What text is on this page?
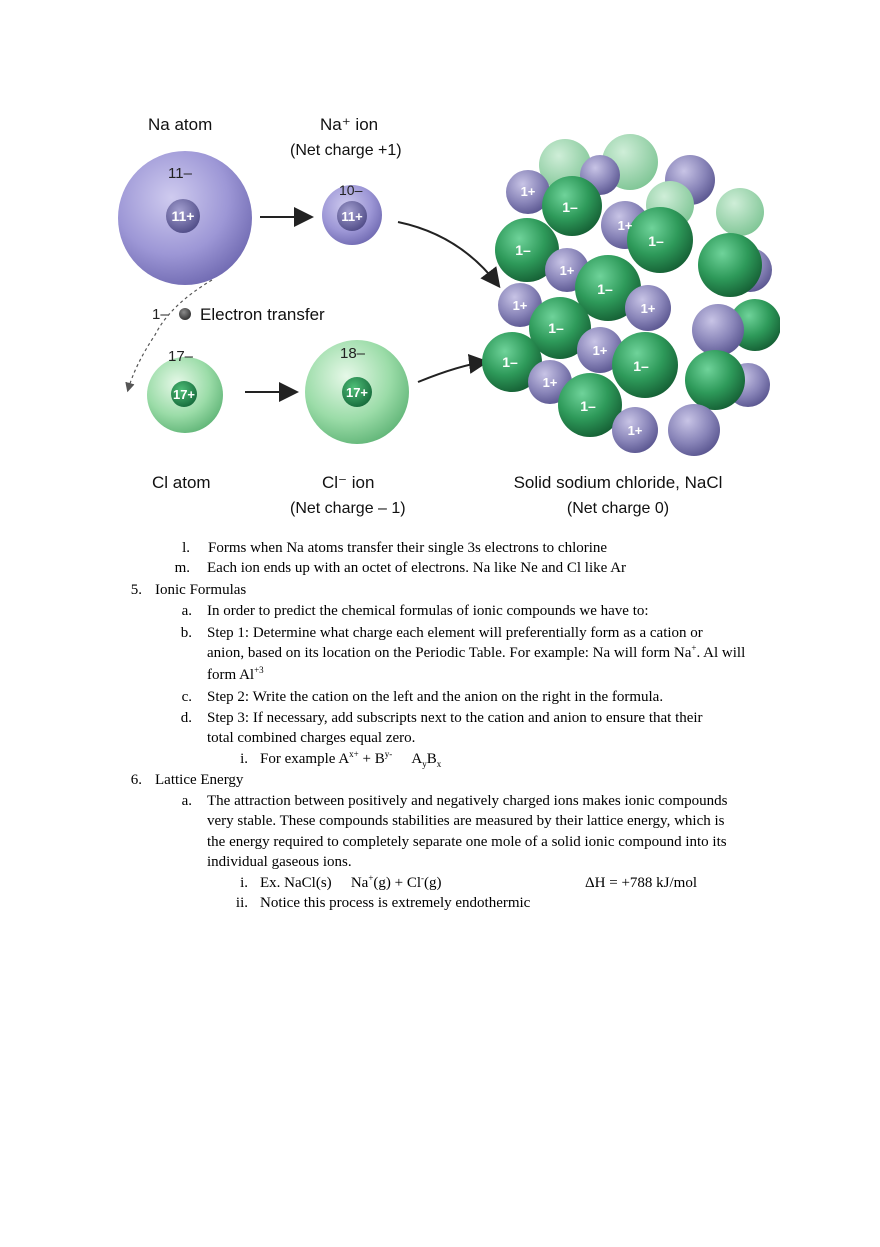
Na atom
11–
11+
Na⁺ ion
(Net charge +1)
10–
11+
1– Electron transfer
17–
17+
Cl atom
18–
17+
Cl⁻ ion
(Net charge – 1)
1+
1–
1+
1–
1–
1+
1–
1+
1+
1–
1+
1–
1–
1+
1–
1+
Solid sodium chloride, NaCl
(Net charge 0)
l. Forms when Na atoms transfer their single 3s electrons to chlorine
m. Each ion ends up with an octet of electrons. Na like Ne and Cl like Ar
5. Ionic Formulas
a. In order to predict the chemical formulas of ionic compounds we have to:
b. Step 1: Determine what charge each element will preferentially form as a cation or
anion, based on its location on the Periodic Table. For example: Na will form Na+. Al will
form $Al^{+3}$
c. Step 2: Write the cation on the left and the anion on the right in the formula.
d. Step 3: If necessary, add subscripts next to the cation and anion to ensure that their
total combined charges equal zero.
i. For example $A^{x+} + B^{y-}$ $A_yB_x$
6. Lattice Energy
a. The attraction between positively and negatively charged ions makes ionic compounds
very stable. These compounds stabilities are measured by their lattice energy, which is
the energy required to completely separate one mole of a solid ionic compound into its
individual gaseous ions.
i. Ex. NaCl(s) Na+(g) + Cl-(g)	ΔH = +788 kJ/mol
ii. Notice this process is extremely endothermic
